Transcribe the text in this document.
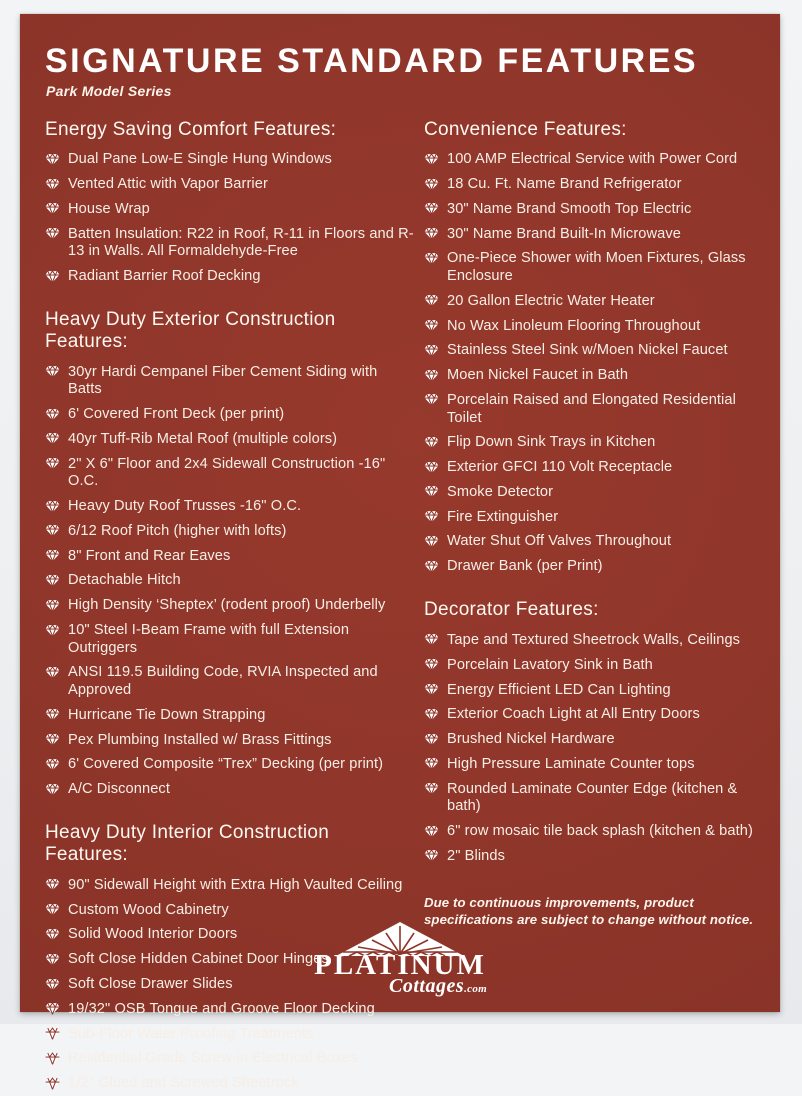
SIGNATURE STANDARD FEATURES
Park Model Series
Energy Saving Comfort Features:
Dual Pane Low-E Single Hung Windows
Vented Attic with Vapor Barrier
House Wrap
Batten Insulation: R22 in Roof, R-11 in Floors and R-13 in Walls. All Formaldehyde-Free
Radiant Barrier Roof Decking
Heavy Duty Exterior Construction Features:
30yr Hardi Cempanel Fiber Cement Siding with Batts
6' Covered Front Deck (per print)
40yr Tuff-Rib Metal Roof (multiple colors)
2" X 6" Floor and 2x4 Sidewall Construction -16" O.C.
Heavy Duty Roof Trusses -16" O.C.
6/12 Roof Pitch (higher with lofts)
8" Front and Rear Eaves
Detachable Hitch
High Density ‘Sheptex’ (rodent proof) Underbelly
10" Steel I-Beam Frame with full Extension Outriggers
ANSI 119.5 Building Code, RVIA Inspected and Approved
Hurricane Tie Down Strapping
Pex Plumbing Installed w/ Brass Fittings
6' Covered Composite “Trex” Decking (per print)
A/C Disconnect
Heavy Duty Interior Construction Features:
90" Sidewall Height with Extra High Vaulted Ceiling
Custom Wood Cabinetry
Solid Wood Interior Doors
Soft Close Hidden Cabinet Door Hinges
Soft Close Drawer Slides
19/32" OSB Tongue and Groove Floor Decking
Sub-Floor Water Proofing Treatments
Residential Grade Screw-in Electrical Boxes
1/2" Glued and Screwed Sheetrock
Convenience Features:
100 AMP Electrical Service with Power Cord
18 Cu. Ft. Name Brand Refrigerator
30" Name Brand Smooth Top Electric
30" Name Brand Built-In Microwave
One-Piece Shower with Moen Fixtures, Glass Enclosure
20 Gallon Electric Water Heater
No Wax Linoleum Flooring Throughout
Stainless Steel Sink w/Moen Nickel Faucet
Moen Nickel Faucet in Bath
Porcelain Raised and Elongated Residential Toilet
Flip Down Sink Trays in Kitchen
Exterior GFCI 110 Volt Receptacle
Smoke Detector
Fire Extinguisher
Water Shut Off Valves Throughout
Drawer Bank (per Print)
Decorator Features:
Tape and Textured Sheetrock Walls, Ceilings
Porcelain Lavatory Sink in Bath
Energy Efficient LED Can Lighting
Exterior Coach Light at All Entry Doors
Brushed Nickel Hardware
High Pressure Laminate Counter tops
Rounded Laminate Counter Edge (kitchen & bath)
6" row mosaic tile back splash (kitchen & bath)
2" Blinds
Due to continuous improvements, product specifications are subject to change without notice.
PLATINUM
Cottages.com
